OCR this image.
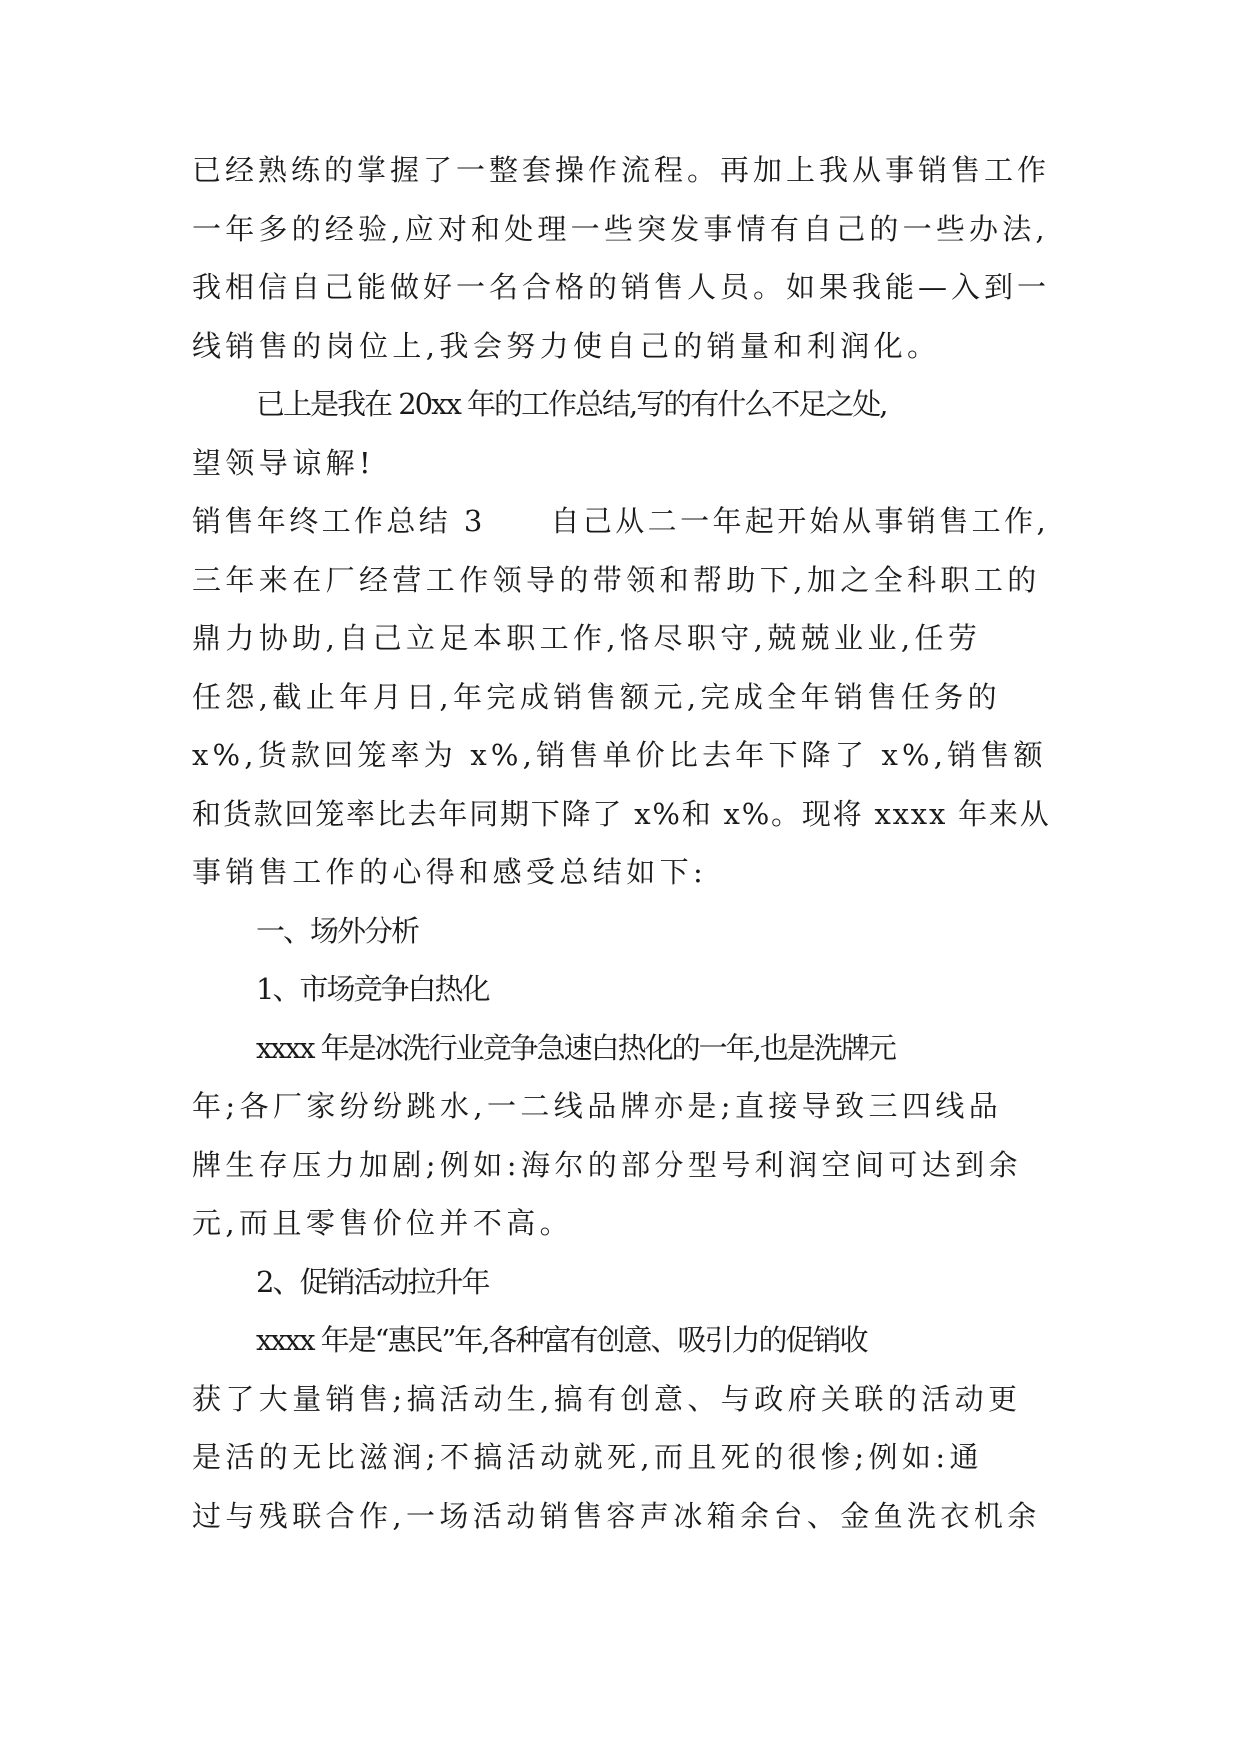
已经熟练的掌握了一整套操作流程。再加上我从事销售工作
一年多的经验,应对和处理一些突发事情有自己的一些办法,
我相信自己能做好一名合格的销售人员。如果我能—入到一
线销售的岗位上,我会努力使自己的销量和利润化。
已上是我在 20xx 年的工作总结,写的有什么不足之处,
望领导谅解!
销售年终工作总结 3　　自己从二一年起开始从事销售工作,
三年来在厂经营工作领导的带领和帮助下,加之全科职工的
鼎力协助,自己立足本职工作,恪尽职守,兢兢业业,任劳
任怨,截止年月日,年完成销售额元,完成全年销售任务的
x%,货款回笼率为 x%,销售单价比去年下降了 x%,销售额
和货款回笼率比去年同期下降了 x%和 x%。现将 xxxx 年来从
事销售工作的心得和感受总结如下:
一、场外分析
1、市场竞争白热化
xxxx 年是冰洗行业竞争急速白热化的一年,也是洗牌元
年;各厂家纷纷跳水,一二线品牌亦是;直接导致三四线品
牌生存压力加剧;例如:海尔的部分型号利润空间可达到余
元,而且零售价位并不高。
2、促销活动拉升年
xxxx 年是“惠民”年,各种富有创意、吸引力的促销收
获了大量销售;搞活动生,搞有创意、与政府关联的活动更
是活的无比滋润;不搞活动就死,而且死的很惨;例如:通
过与残联合作,一场活动销售容声冰箱余台、金鱼洗衣机余
